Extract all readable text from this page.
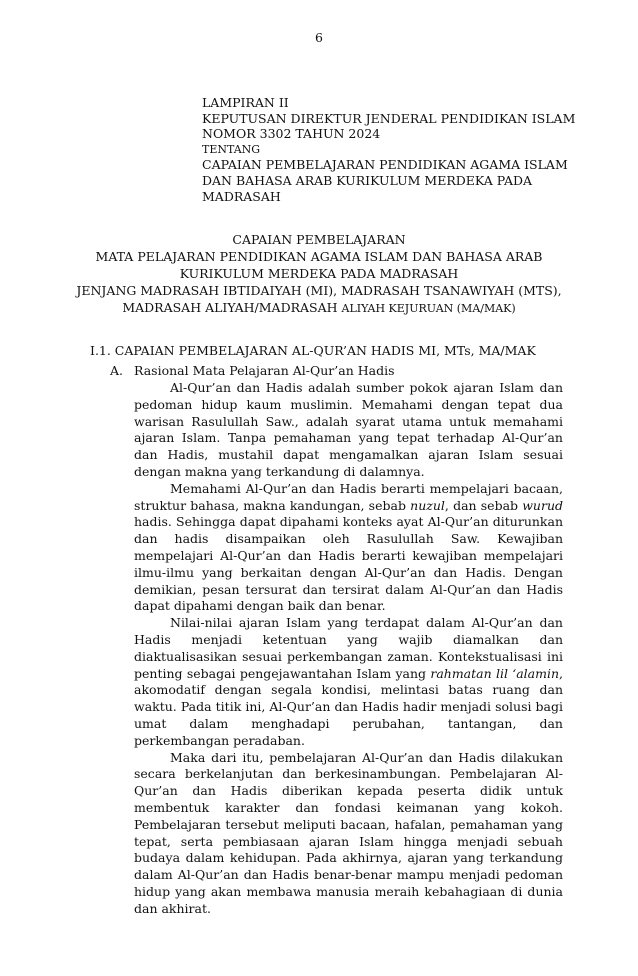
6
LAMPIRAN II
KEPUTUSAN DIREKTUR JENDERAL PENDIDIKAN ISLAM
NOMOR 3302 TAHUN 2024
TENTANG
CAPAIAN PEMBELAJARAN PENDIDIKAN AGAMA ISLAM
DAN BAHASA ARAB KURIKULUM MERDEKA PADA
MADRASAH
CAPAIAN PEMBELAJARAN
MATA PELAJARAN PENDIDIKAN AGAMA ISLAM DAN BAHASA ARAB
KURIKULUM MERDEKA PADA MADRASAH
JENJANG MADRASAH IBTIDAIYAH (MI), MADRASAH TSANAWIYAH (MTS),
MADRASAH ALIYAH/MADRASAH ALIYAH KEJURUAN (MA/MAK)
I.1. CAPAIAN PEMBELAJARAN AL-QUR’AN HADIS MI, MTs, MA/MAK
A. Rasional Mata Pelajaran Al-Qur’an Hadis

Al-Qur’an dan Hadis adalah sumber pokok ajaran Islam dan pedoman hidup kaum muslimin. Memahami dengan tepat dua warisan Rasulullah Saw., adalah syarat utama untuk memahami ajaran Islam. Tanpa pemahaman yang tepat terhadap Al-Qur’an dan Hadis, mustahil dapat mengamalkan ajaran Islam sesuai dengan makna yang terkandung di dalamnya.

Memahami Al-Qur’an dan Hadis berarti mempelajari bacaan, struktur bahasa, makna kandungan, sebab nuzul, dan sebab wurud hadis. Sehingga dapat dipahami konteks ayat Al-Qur’an diturunkan dan hadis disampaikan oleh Rasulullah Saw. Kewajiban mempelajari Al-Qur’an dan Hadis berarti kewajiban mempelajari ilmu-ilmu yang berkaitan dengan Al-Qur’an dan Hadis. Dengan demikian, pesan tersurat dan tersirat dalam Al-Qur’an dan Hadis dapat dipahami dengan baik dan benar.

Nilai-nilai ajaran Islam yang terdapat dalam Al-Qur’an dan Hadis menjadi ketentuan yang wajib diamalkan dan diaktualisasikan sesuai perkembangan zaman. Kontekstualisasi ini penting sebagai pengejawantahan Islam yang rahmatan lil ‘alamin, akomodatif dengan segala kondisi, melintasi batas ruang dan waktu. Pada titik ini, Al-Qur’an dan Hadis hadir menjadi solusi bagi umat dalam menghadapi perubahan, tantangan, dan perkembangan peradaban.

Maka dari itu, pembelajaran Al-Qur’an dan Hadis dilakukan secara berkelanjutan dan berkesinambungan. Pembelajaran Al-Qur’an dan Hadis diberikan kepada peserta didik untuk membentuk karakter dan fondasi keimanan yang kokoh. Pembelajaran tersebut meliputi bacaan, hafalan, pemahaman yang tepat, serta pembiasaan ajaran Islam hingga menjadi sebuah budaya dalam kehidupan. Pada akhirnya, ajaran yang terkandung dalam Al-Qur’an dan Hadis benar-benar mampu menjadi pedoman hidup yang akan membawa manusia meraih kebahagiaan di dunia dan akhirat.
